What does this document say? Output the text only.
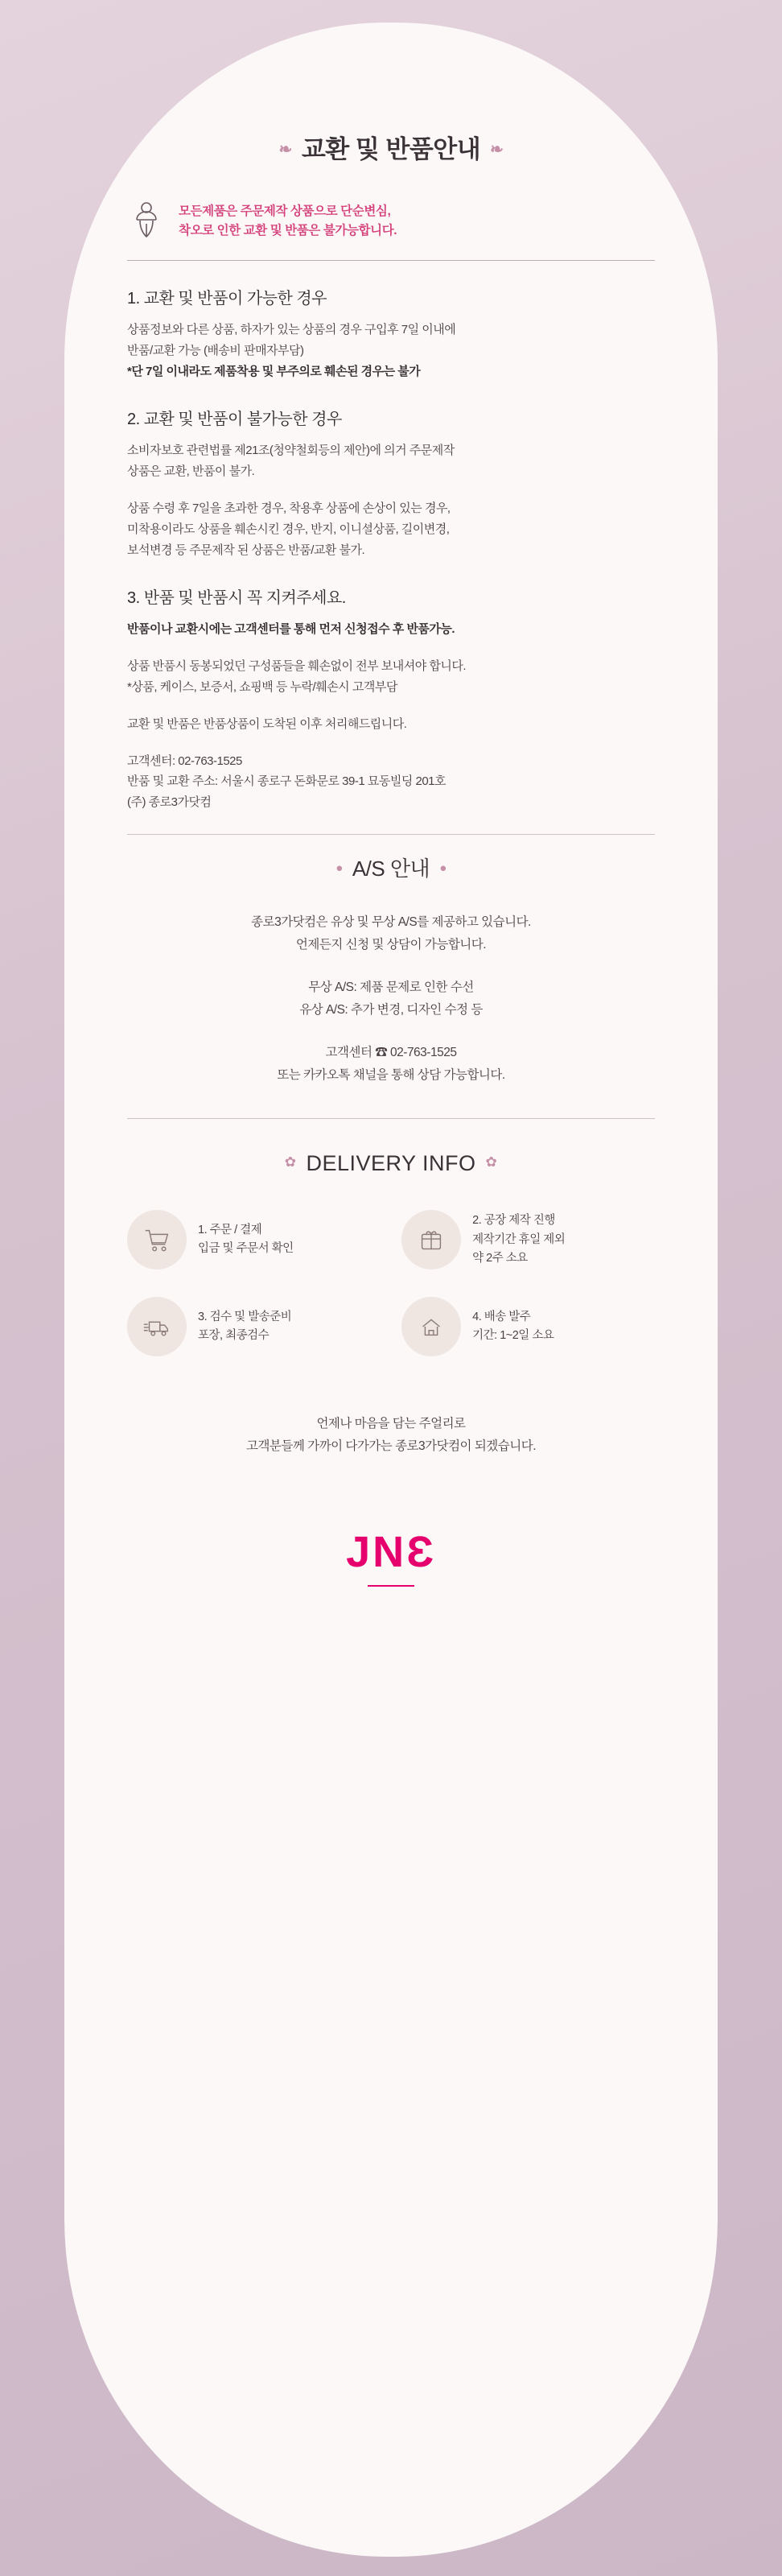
❧ 교환 및 반품안내 ❧
모든제품은 주문제작 상품으로 단순변심,
착오로 인한 교환 및 반품은 불가능합니다.
1. 교환 및 반품이 가능한 경우
상품정보와 다른 상품, 하자가 있는 상품의 경우 구입후 7일 이내에
반품/교환 가능 (배송비 판매자부담)
*단 7일 이내라도 제품착용 및 부주의로 훼손된 경우는 불가
2. 교환 및 반품이 불가능한 경우
소비자보호 관련법률 제21조(청약철회등의 제안)에 의거 주문제작
상품은 교환, 반품이 불가.
상품 수령 후 7일을 초과한 경우, 착용후 상품에 손상이 있는 경우,
미착용이라도 상품을 훼손시킨 경우, 반지, 이니셜상품, 길이변경,
보석변경 등 주문제작 된 상품은 반품/교환 불가.
3. 반품 및 반품시 꼭 지켜주세요.
반품이나 교환시에는 고객센터를 통해 먼저 신청접수 후 반품가능.
상품 반품시 동봉되었던 구성품들을 훼손없이 전부 보내셔야 합니다.
*상품, 케이스, 보증서, 쇼핑백 등 누락/훼손시 고객부담
교환 및 반품은 반품상품이 도착된 이후 처리해드립니다.
고객센터: 02-763-1525
반품 및 교환 주소: 서울시 종로구 돈화문로 39-1 묘동빌딩 201호
(주) 종로3가닷컴
● A/S 안내 ●
종로3가닷컴은 유상 및 무상 A/S를 제공하고 있습니다.
언제든지 신청 및 상담이 가능합니다.
무상 A/S: 제품 문제로 인한 수선
유상 A/S: 추가 변경, 디자인 수정 등
고객센터 ☎ 02-763-1525
또는 카카오톡 채널을 통해 상담 가능합니다.
✿ DELIVERY INFO ✿
1. 주문 / 결제
입금 및 주문서 확인
2. 공장 제작 진행
제작기간 휴일 제외
약 2주 소요
3. 검수 및 발송준비
포장, 최종검수
4. 배송 발주
기간: 1~2일 소요
언제나 마음을 담는 주얼리로
고객분들께 가까이 다가가는 종로3가닷컴이 되겠습니다.
JNƐ
